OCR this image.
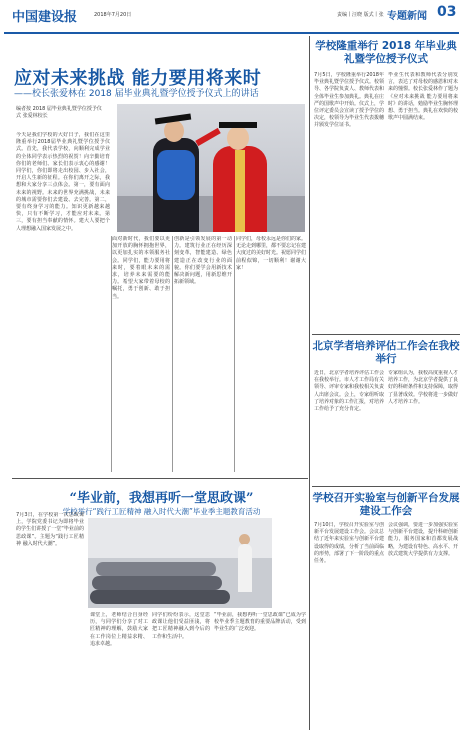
中国建设报	2018年7月20日	责编丨汪晓 版式丨张 专题新闻 03
应对未来挑战 能力要用将来时
——校长张爱林在 2018 届毕业典礼暨学位授予仪式上的讲话
编者按 2018 届毕业典礼暨学位授予仪式 张爱林校长
今天是我们学校的大好日子，我们在这里隆重举行2018届毕业典礼暨学位授予仪式。首先，我代表学校，向顺利完成学业的全体同学表示热烈的祝贺！向辛勤培育你们的老师们、家长们表示衷心的感谢！同学们，你们即将走出校园、步入社会，开启人生新的征程。在你们离开之际，我想和大家分享三点体会。第一，要有面向未来的视野。未来的世界充满挑战，未来的城市需要你们去建设、去完善。第二，要有终身学习的能力。知识更新越来越快，只有不断学习，才能应对未来。第三，要有担当奉献的情怀。建大人要把个人理想融入国家发展之中。
面对新时代，我们要以更加开放的胸怀拥抱世界，以更加扎实的本领服务社会。同学们，能力要用将来时，要着眼未来的需求，培养未来需要的能力。希望大家带着母校的嘱托，勇于创新、敢于担当。
创新是引领发展的第一动力。建筑行业正在经历深刻变革，智能建造、绿色建造正在改变行业的面貌。你们要学会用新技术解决新问题，用新思维开拓新领域。
同学们，母校永远是你们的家。无论走到哪里，都不要忘记在建大度过的美好时光。祝愿同学们前程似锦，一切顺利！谢谢大家！
学校隆重举行 2018 年毕业典礼暨学位授予仪式
7月5日，学校隆重举行2018年毕业典礼暨学位授予仪式。校领导、各学院负责人、教师代表和全体毕业生参加典礼。典礼在庄严的国歌声中开始。仪式上，学位评定委员会宣读了授予学位的决定，校领导为毕业生代表拨穗并颁发学位证书。
毕业生代表和教师代表分别发言，表达了对母校的感恩和对未来的憧憬。校长张爱林作了题为《应对未来挑战 能力要用将来时》的讲话，勉励毕业生胸怀理想、勇于担当。典礼在欢快的校歌声中圆满结束。
北京学者培养评估工作会在我校举行
近日，北京学者培养评估工作会在我校举行。市人才工作局有关领导、评审专家和我校相关负责人出席会议。会上，专家组听取了培养对象的工作汇报，对培养工作给予了充分肯定。
专家组认为，我校高度重视人才培养工作，为北京学者提供了良好的科研条件和支持保障，取得了显著成效。学校将进一步做好人才培养工作。
学校召开实验室与创新平台发展建设工作会
7月10日，学校召开实验室与创新平台发展建设工作会。会议总结了近年来实验室与创新平台建设取得的成绩，分析了当前面临的形势，部署了下一阶段的重点任务。
会议强调，要进一步加强实验室与创新平台建设，提升科研创新能力，服务国家和首都发展战略，为建设有特色、高水平、开放式建筑大学提供有力支撑。
“毕业前，我想再听一堂思政课”
学校举行“践行工匠精神 融入时代大潮”毕业季主题教育活动
7月3日，在学校第一次思政课上，学院党委书记为即将毕业的学生们讲授了一堂“毕业前的思政课”。主题为“践行工匠精神 融入时代大潮”。
课堂上，老师结合自身经历，与同学们分享了对工匠精神的理解，鼓励大家在工作岗位上精益求精、追求卓越。
同学们纷纷表示，这堂思政课让他们受益匪浅，将把工匠精神融入到今后的工作和生活中。
“毕业前，我想再听一堂思政课”已成为学校毕业季主题教育的重要品牌活动，受到毕业生的广泛欢迎。
